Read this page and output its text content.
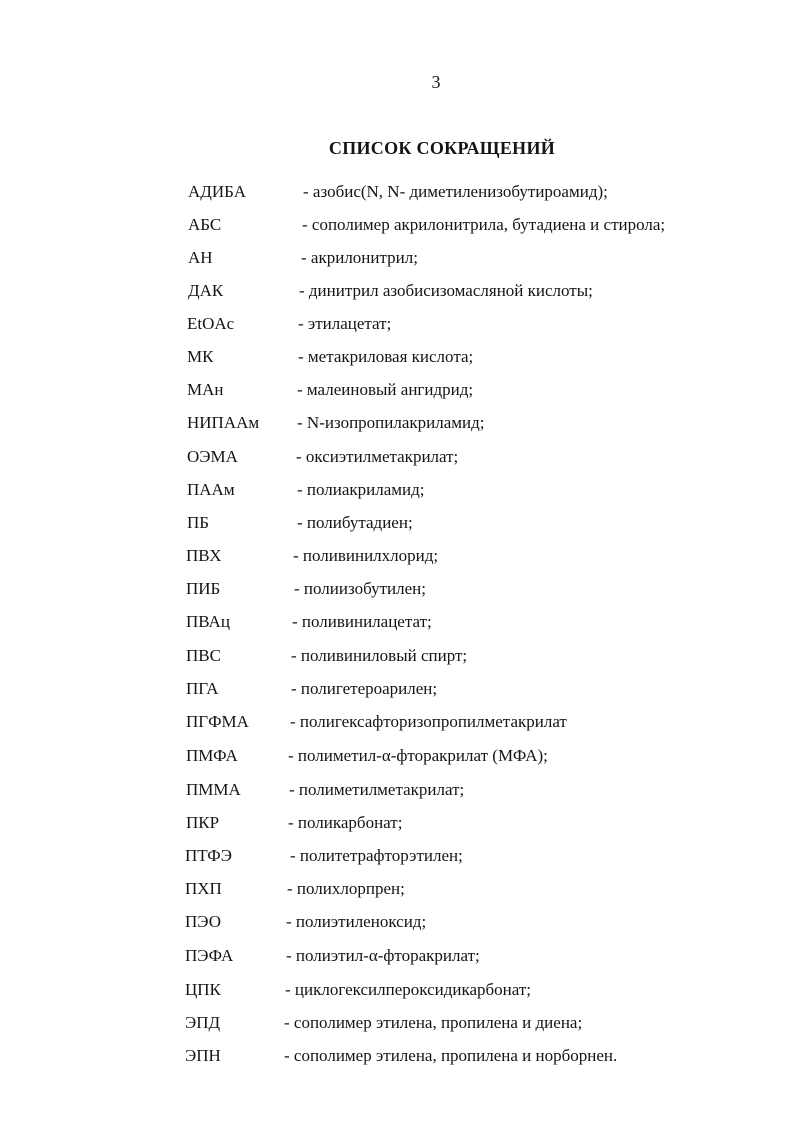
3
СПИСОК СОКРАЩЕНИЙ
АДИБА	- азобис(N, N- диметиленизобутироамид);
АБС	- сополимер акрилонитрила, бутадиена и стирола;
АН	- акрилонитрил;
ДАК	- динитрил азобисизомасляной кислоты;
EtOAc	- этилацетат;
МК	- метакриловая кислота;
МАн	- малеиновый ангидрид;
НИПААм - N-изопропилакриламид;
ОЭМА	- оксиэтилметакрилат;
ПААм	- полиакриламид;
ПБ	- полибутадиен;
ПВХ	- поливинилхлорид;
ПИБ	- полиизобутилен;
ПВАц	- поливинилацетат;
ПВС	- поливиниловый спирт;
ПГА	- полигетероарилен;
ПГФМА - полигексафторизопропилметакрилат
ПМФА	- полиметил-α-фторакрилат (МФА);
ПММА	- полиметилметакрилат;
ПКР	- поликарбонат;
ПТФЭ	- политетрафторэтилен;
ПХП	- полихлорпрен;
ПЭО	- полиэтиленоксид;
ПЭФА	- полиэтил-α-фторакрилат;
ЦПК	- циклогексилпероксидикарбонат;
ЭПД	- сополимер этилена, пропилена и диена;
ЭПН	- сополимер этилена, пропилена и норборнен.
